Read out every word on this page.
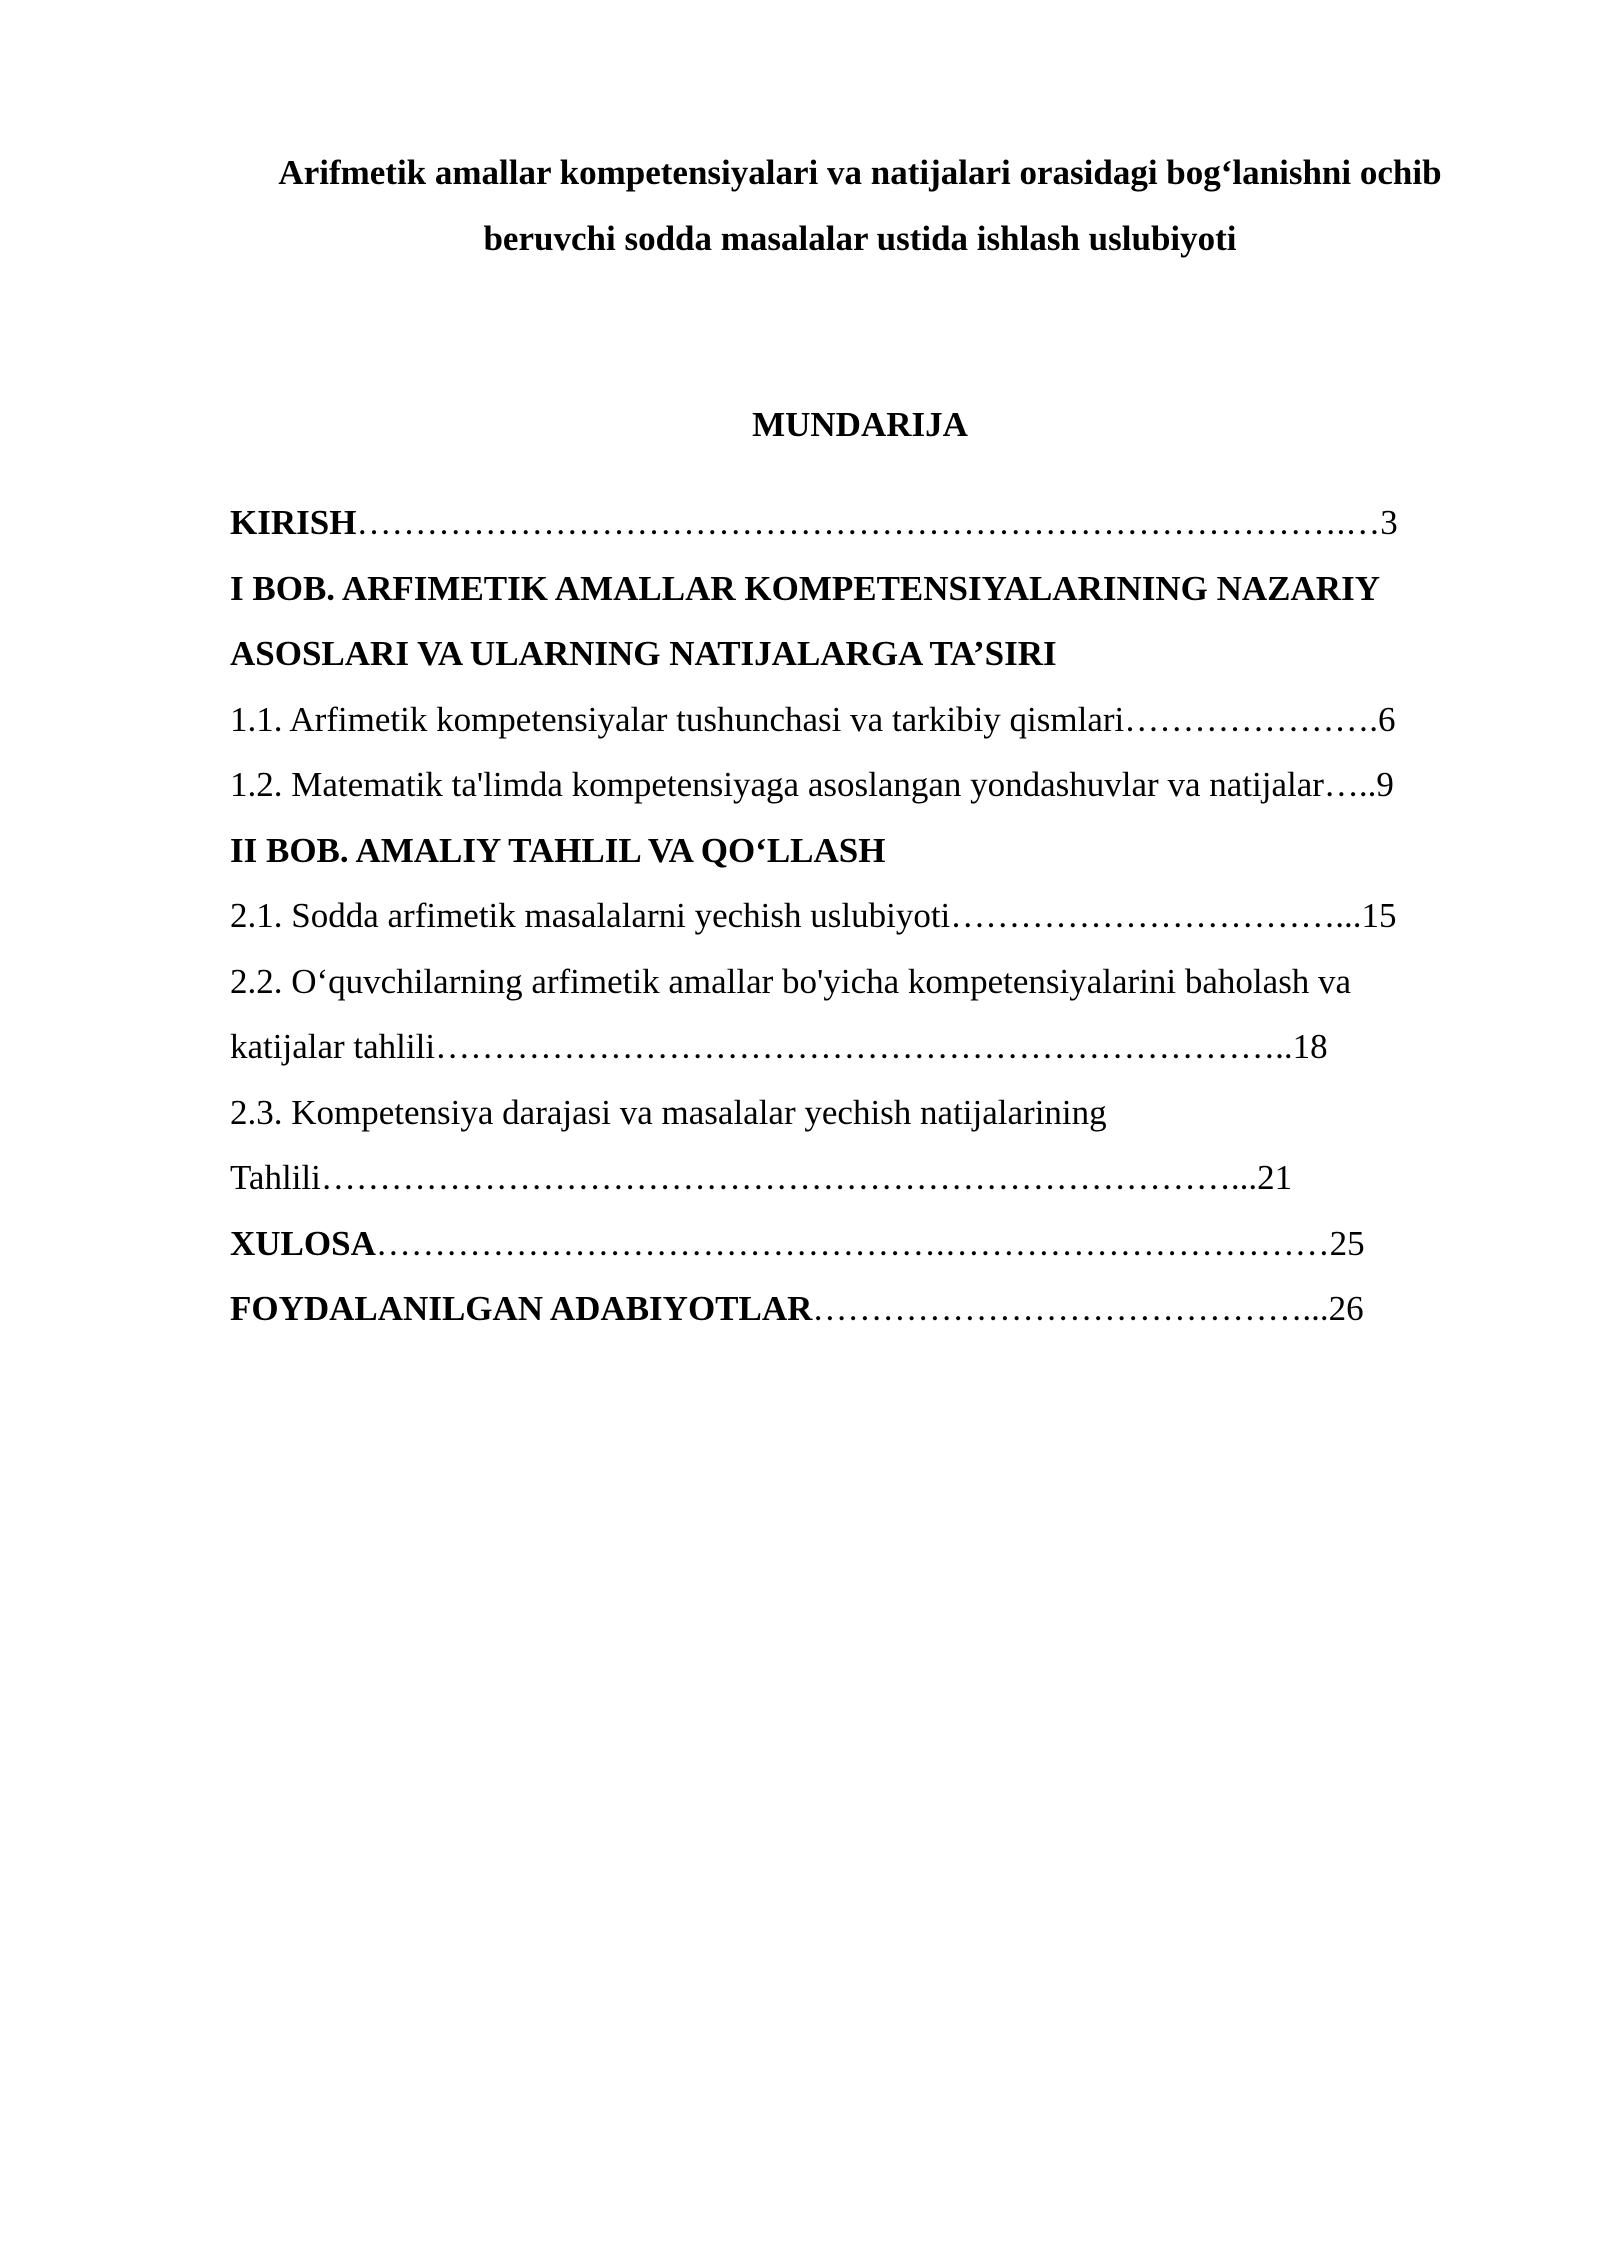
Arifmetik amallar kompetensiyalari va natijalari orasidagi bog‘lanishni ochib
beruvchi sodda masalalar ustida ishlash uslubiyoti
MUNDARIJA
KIRISH………………………………………………………………………….…3
I BOB. ARFIMETIK AMALLAR KOMPETENSIYALARINING NAZARIY
ASOSLARI VA ULARNING NATIJALARGA TA’SIRI
1.1. Arfimetik kompetensiyalar tushunchasi va tarkibiy qismlari………………….6
1.2. Matematik ta'limda kompetensiyaga asoslangan yondashuvlar va natijalar…..9
II BOB. AMALIY TAHLIL VA QO‘LLASH
2.1. Sodda arfimetik masalalarni yechish uslubiyoti……………………………...15
2.2. O‘quvchilarning arfimetik amallar bo'yicha kompetensiyalarini baholash va
katijalar tahlili………………………………………………………………..18
2.3. Kompetensiya darajasi va masalalar yechish natijalarining
Tahlili……………………………………………………………………...21
XULOSA………………………………………….……………………………25
FOYDALANILGAN ADABIYOTLAR……………………………………...26
